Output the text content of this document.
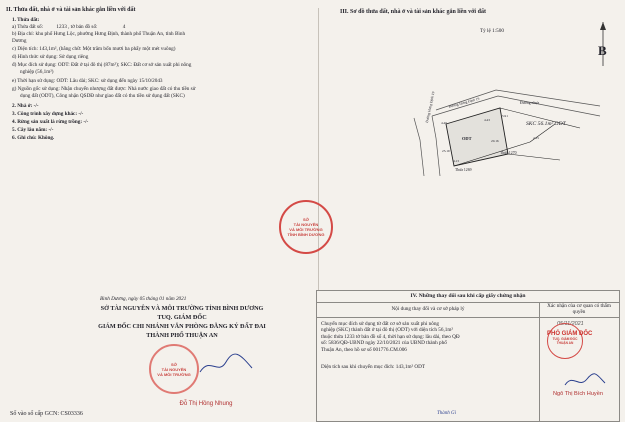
II. Thửa đất, nhà ở và tài sản khác gắn liền với đất
1. Thửa đất:
a) Thửa đất số:	1233 , tờ bản đồ số:	4
b) Địa chỉ: khu phố Hưng Lộc, phường Hưng Định, thành phố Thuận An, tỉnh Bình
Dương
c) Diện tích: 143,1m², (bằng chữ: Một trăm bốn mươi ba phẩy một mét vuông)
d) Hình thức sử dụng: Sử dụng riêng
đ) Mục đích sử dụng: ODT: Đất ở tại đô thị (87m²); SKC: Đất cơ sở sản xuất phi nông
nghiệp (56,1m²)
e) Thời hạn sử dụng: ODT: Lâu dài; SKC: sử dụng đến ngày 15/10/2043
g) Nguồn gốc sử dụng: Nhận chuyển nhượng đất được: Nhà nước giao đất có thu tiền sử
dụng đất (ODT), Công nhận QSDĐ như giao đất có thu tiền sử dụng đất (SKC)
2. Nhà ở: -/-
3. Công trình xây dựng khác: -/-
4. Rừng sản xuất là rừng trồng: -/-
5. Cây lâu năm: -/-
6. Ghi chú: Không.
III. Sơ đồ thửa đất, nhà ở và tài sản khác gắn liền với đất
Tỷ lệ 1:500
B
Đường Hưng Định 19	Đường Hưng Định 19	Đường nhựa
ODT
SKC 56.1m² ODT
Thửa 1270
Thửa 1269
4.40
4.43
25.19
20.16
5.91
2.15
4.13
SỞ
TÀI NGUYÊN
VÀ MÔI TRƯỜNG
TỈNH BÌNH DƯƠNG
Bình Dương, ngày 05 tháng 01 năm 2021
SỞ TÀI NGUYÊN VÀ MÔI TRƯỜNG TỈNH BÌNH DƯƠNG
TUQ. GIÁM ĐỐC
GIÁM ĐỐC CHI NHÁNH VĂN PHÒNG ĐĂNG KÝ ĐẤT ĐAI
THÀNH PHỐ THUẬN AN
SỞ
TÀI NGUYÊN
VÀ MÔI TRƯỜNG
Đỗ Thị Hồng Nhung
Số vào sổ cấp GCN: CS03336
IV. Những thay đổi sau khi cấp giấy chứng nhận
Nội dung thay đổi và cơ sở pháp lý	Xác nhận của cơ quan có thẩm quyền
Chuyển mục đích sử dụng từ đất cơ sở sản xuất phi nông
nghiệp (SKC) thành đất ở tại đô thị (ODT) với diện tích 56,1m²
thuộc thửa 1233 tờ bản đồ số 4, thời hạn sử dụng: lâu dài, theo QĐ
số: 5836/QĐ-UBND ngày 22/10/2021 của UBND thành phố
Thuận An, theo hồ sơ số 001776.CM.006
Diện tích sau khi chuyển mục đích: 143,1m² ODT
05/11/2021
TUQ. GIÁM ĐỐC
THUẬN AN
PHÓ GIÁM ĐỐC
Ngô Thị Bích Huyền
Thành Gì
